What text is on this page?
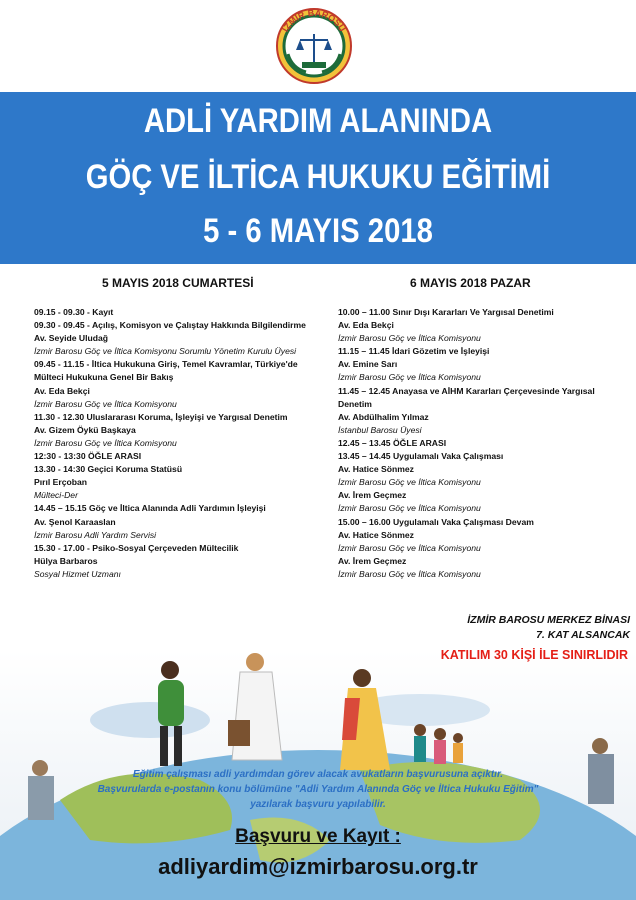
İZMİR BAROSU
ADLİ YARDIM ALANINDA
GÖÇ VE İLTİCA HUKUKU EĞİTİMİ
5 - 6 MAYIS 2018
5 MAYIS 2018 CUMARTESİ	6 MAYIS 2018 PAZAR
09.15 - 09.30 - Kayıt
09.30 - 09.45 - Açılış, Komisyon ve Çalıştay Hakkında Bilgilendirme
Av. Seyide Uludağ
İzmir Barosu Göç ve İltica Komisyonu Sorumlu Yönetim Kurulu Üyesi
09.45 - 11.15 - İltica Hukukuna Giriş, Temel Kavramlar, Türkiye'de Mülteci Hukukuna Genel Bir Bakış
Av. Eda Bekçi
İzmir Barosu Göç ve İltica Komisyonu
11.30 - 12.30 Uluslararası Koruma, İşleyişi ve Yargısal Denetim
Av. Gizem Öykü Başkaya
İzmir Barosu Göç ve İltica Komisyonu
12:30 - 13:30 ÖĞLE ARASI
13.30 - 14:30 Geçici Koruma Statüsü
Pırıl Erçoban
Mülteci-Der
14.45 – 15.15 Göç ve İltica Alanında Adli Yardımın İşleyişi
Av. Şenol Karaaslan
İzmir Barosu Adli Yardım Servisi
15.30 - 17.00 - Psiko-Sosyal Çerçeveden Mültecilik
Hülya Barbaros
Sosyal Hizmet Uzmanı
10.00 – 11.00 Sınır Dışı Kararları Ve Yargısal Denetimi
Av. Eda Bekçi
İzmir Barosu Göç ve İltica Komisyonu
11.15 – 11.45 İdari Gözetim ve İşleyişi
Av. Emine Sarı
İzmir Barosu Göç ve İltica Komisyonu
11.45 – 12.45 Anayasa ve AİHM Kararları Çerçevesinde Yargısal Denetim
Av. Abdülhalim Yılmaz
İstanbul Barosu Üyesi
12.45 – 13.45 ÖĞLE ARASI
13.45 – 14.45 Uygulamalı Vaka Çalışması
Av. Hatice Sönmez
İzmir Barosu Göç ve İltica Komisyonu
Av. İrem Geçmez
İzmir Barosu Göç ve İltica Komisyonu
15.00 – 16.00 Uygulamalı Vaka Çalışması Devam
Av. Hatice Sönmez
İzmir Barosu Göç ve İltica Komisyonu
Av. İrem Geçmez
İzmir Barosu Göç ve İltica Komisyonu
İZMİR BAROSU MERKEZ BİNASI
7. KAT ALSANCAK
KATILIM 30 KİŞİ İLE SINIRLIDIR
Eğitim çalışması adli yardımdan görev alacak avukatların başvurusuna açıktır.
Başvurularda e-postanın konu bölümüne "Adli Yardım Alanında Göç ve İltica Hukuku Eğitim"
yazılarak başvuru yapılabilir.
Başvuru ve Kayıt :
adliyardim@izmirbarosu.org.tr
